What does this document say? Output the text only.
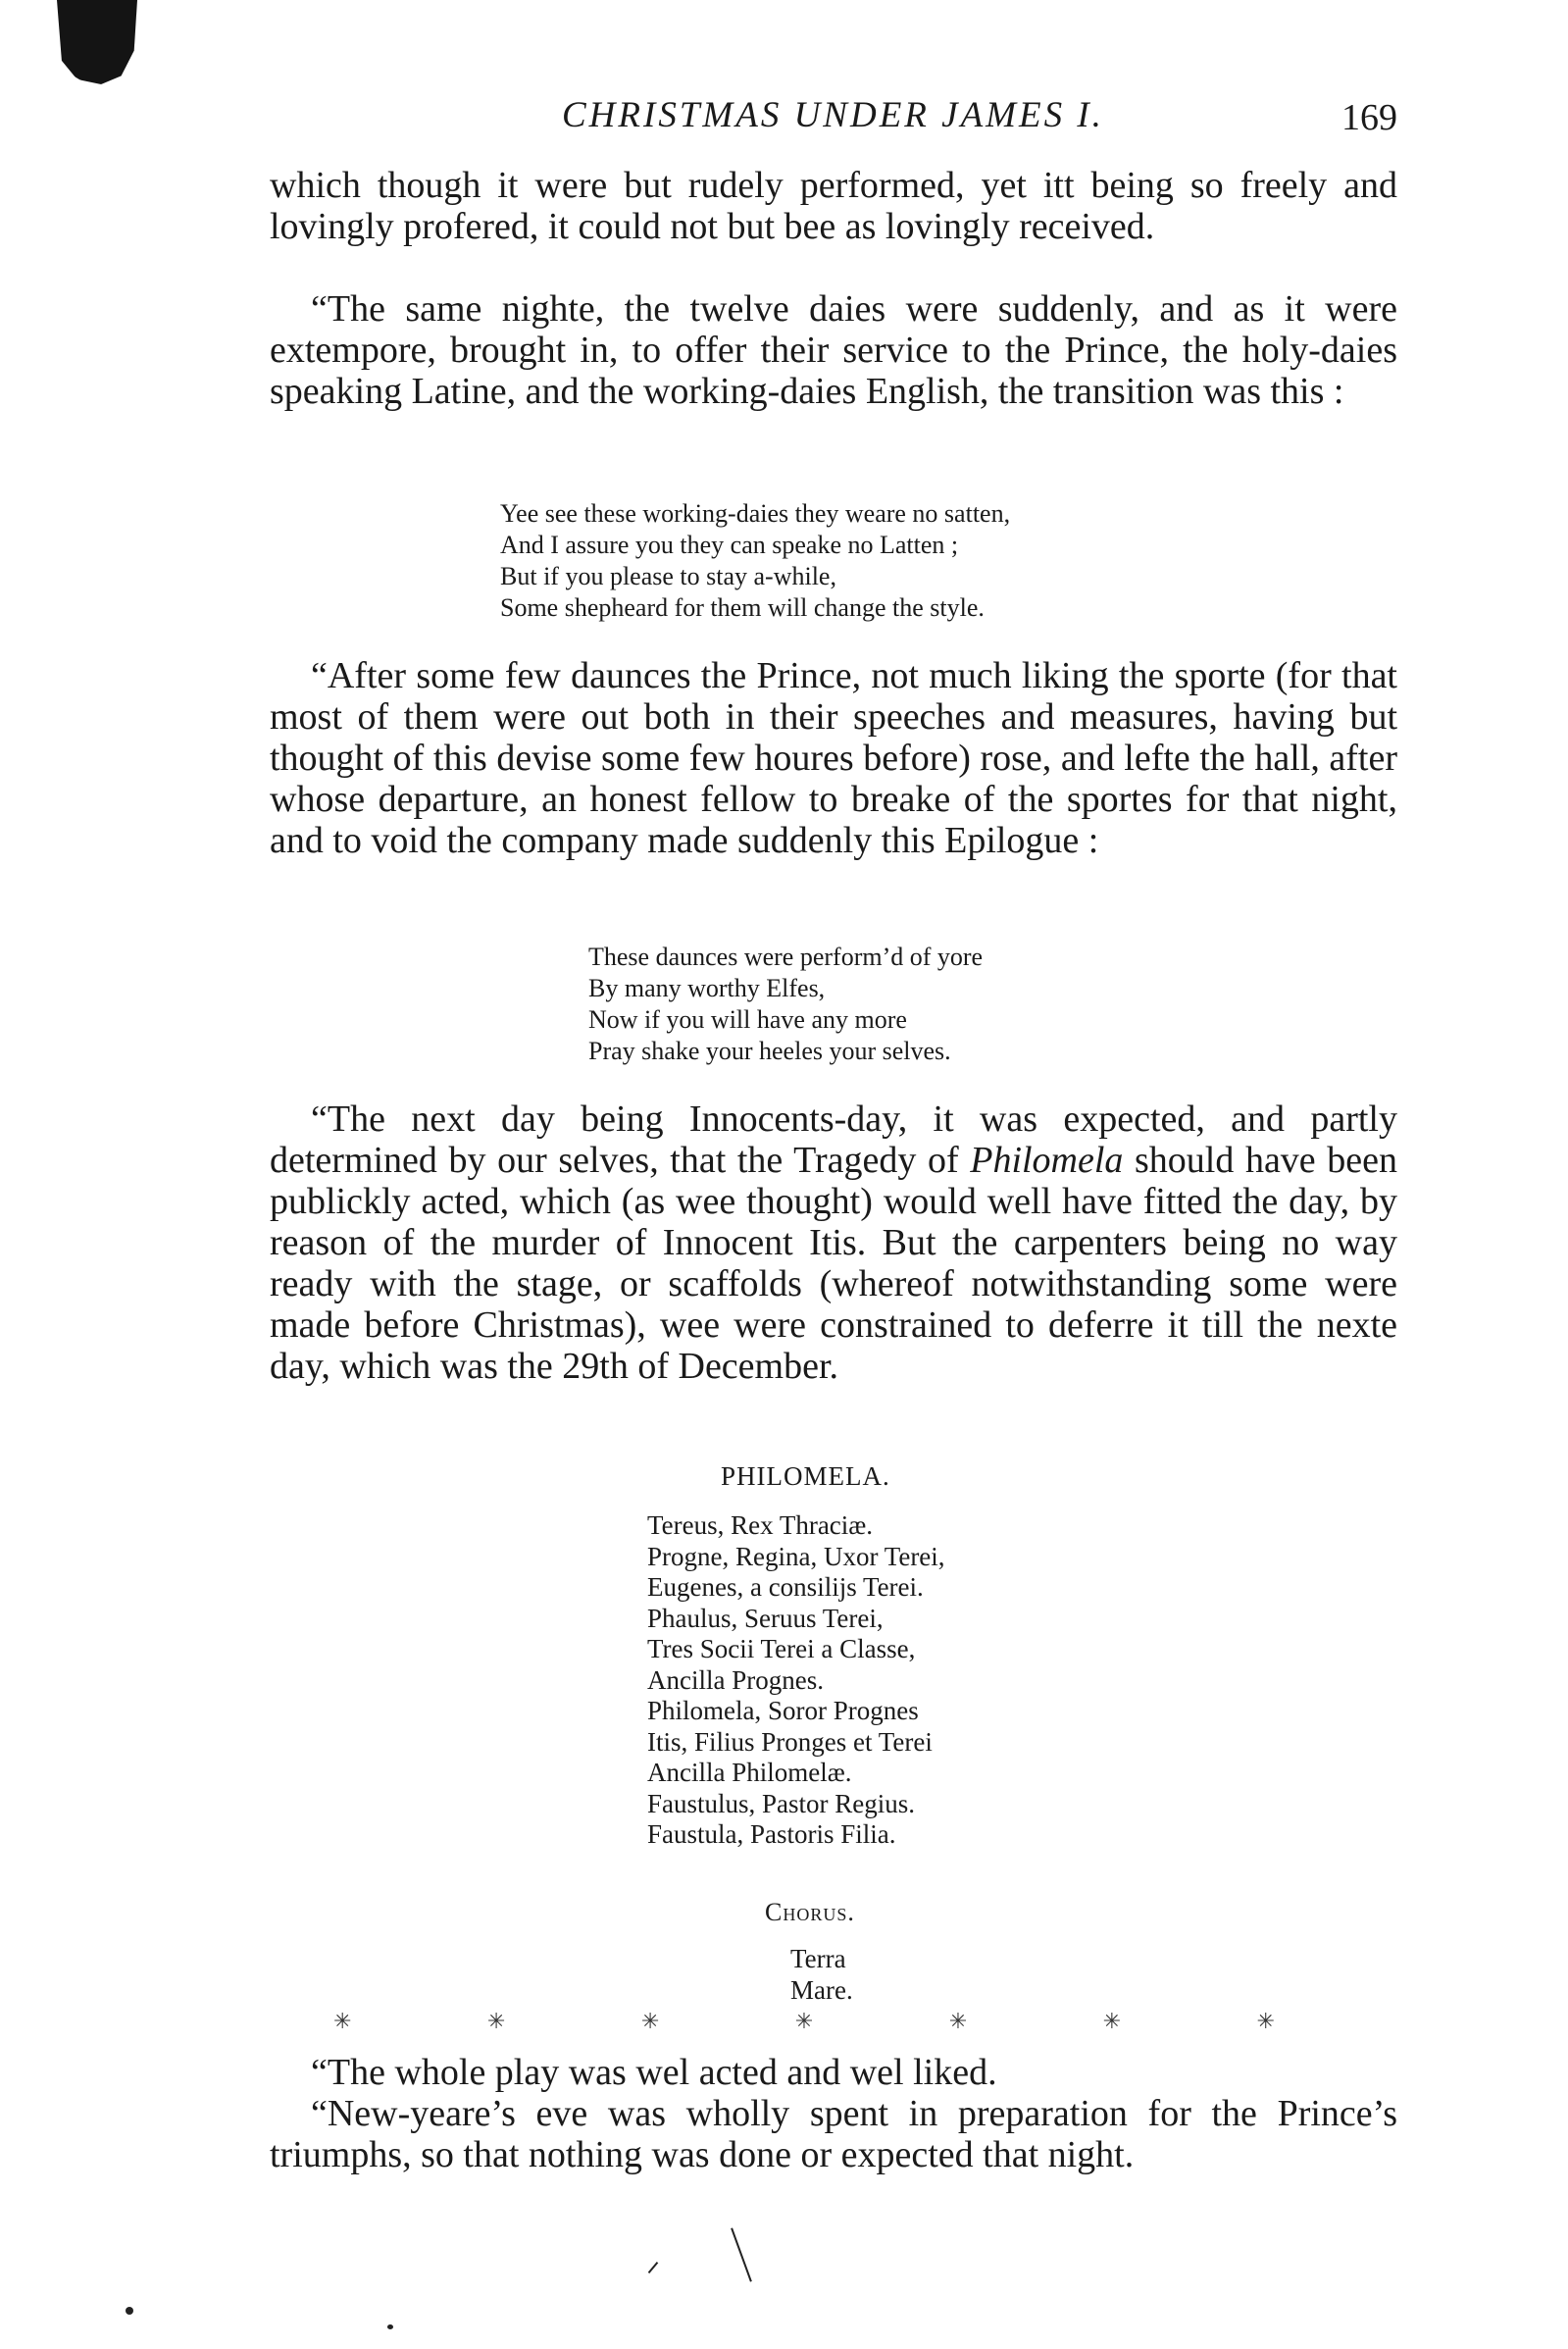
CHRISTMAS UNDER JAMES I.	169

which though it were but rudely performed, yet itt being so freely and lovingly profered, it could not but bee as lovingly received.

“The same nighte, the twelve daies were suddenly, and as it were extempore, brought in, to offer their service to the Prince, the holy-daies speaking Latine, and the working-daies English, the transition was this :

Yee see these working-daies they weare no satten,
And I assure you they can speake no Latten ;
But if you please to stay a-while,
Some shepheard for them will change the style.

“After some few daunces the Prince, not much liking the sporte (for that most of them were out both in their speeches and measures, having but thought of this devise some few houres before) rose, and lefte the hall, after whose departure, an honest fellow to breake of the sportes for that night, and to void the company made suddenly this Epilogue :

These daunces were perform’d of yore
By many worthy Elfes,
Now if you will have any more
Pray shake your heeles your selves.

“The next day being Innocents-day, it was expected, and partly determined by our selves, that the Tragedy of Philomela should have been publickly acted, which (as wee thought) would well have fitted the day, by reason of the murder of Innocent Itis. But the carpenters being no way ready with the stage, or scaffolds (whereof notwithstanding some were made before Christmas), wee were constrained to deferre it till the nexte day, which was the 29th of December.

PHILOMELA.

Tereus, Rex Thraciæ.
Progne, Regina, Uxor Terei,
Eugenes, a consilijs Terei.
Phaulus, Seruus Terei,
Tres Socii Terei a Classe,
Ancilla Prognes.
Philomela, Soror Prognes
Itis, Filius Pronges et Terei
Ancilla Philomelæ.
Faustulus, Pastor Regius.
Faustula, Pastoris Filia.

Chorus.

Terra
Mare.
✳	✳	✳	✳	✳	✳	✳

“The whole play was wel acted and wel liked.

“New-yeare’s eve was wholly spent in preparation for the Prince’s triumphs, so that nothing was done or expected that night.
